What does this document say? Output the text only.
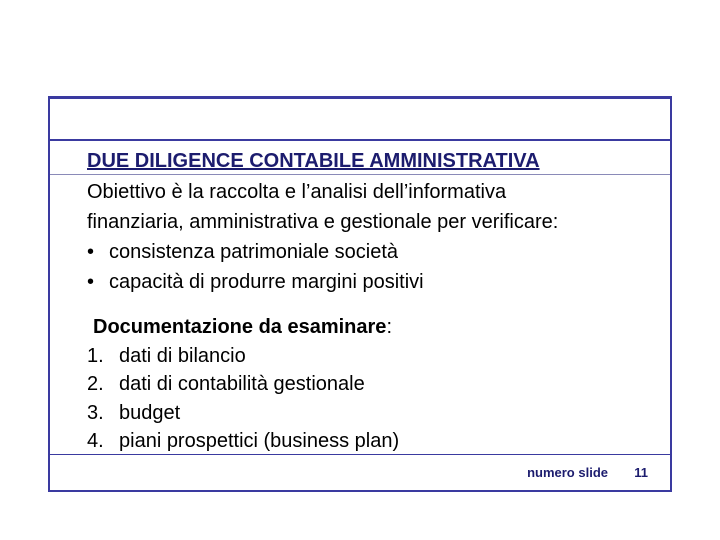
DUE DILIGENCE CONTABILE AMMINISTRATIVA
Obiettivo è la raccolta e l’analisi dell’informativa
finanziaria, amministrativa e gestionale per verificare:
• consistenza patrimoniale società
• capacità di produrre margini positivi
Documentazione da esaminare:
1. dati di bilancio
2. dati di contabilità gestionale
3. budget
4. piani prospettici (business plan)
numero slide 11
